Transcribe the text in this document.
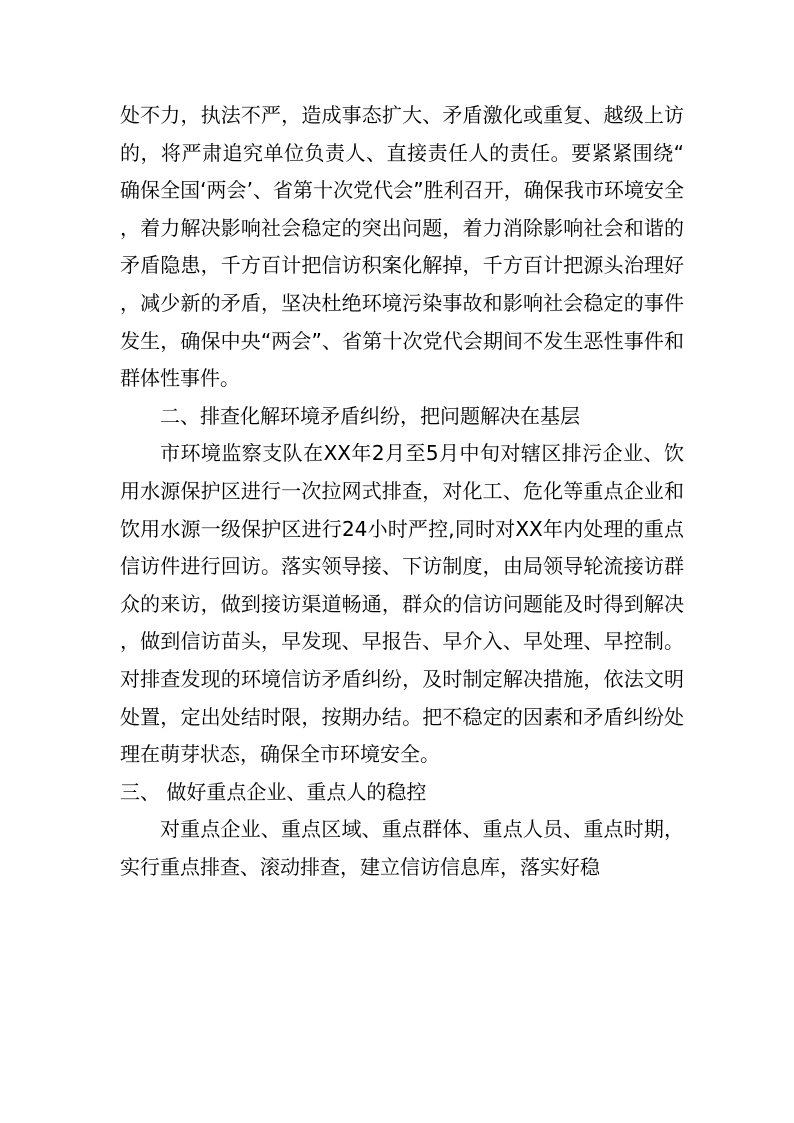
处不力，执法不严，造成事态扩大、矛盾激化或重复、越级上访的，将严肃追究单位负责人、直接责任人的责任。要紧紧围绕“确保全国‘两会’、省第十次党代会”胜利召开，确保我市环境安全，着力解决影响社会稳定的突出问题，着力消除影响社会和谐的矛盾隐患，千方百计把信访积案化解掉，千方百计把源头治理好，减少新的矛盾，坚决杜绝环境污染事故和影响社会稳定的事件发生，确保中央“两会”、省第十次党代会期间不发生恶性事件和群体性事件。

二、排查化解环境矛盾纠纷，把问题解决在基层

市环境监察支队在XX年2月至5月中旬对辖区排污企业、饮用水源保护区进行一次拉网式排查，对化工、危化等重点企业和饮用水源一级保护区进行24小时严控,同时对XX年内处理的重点信访件进行回访。落实领导接、下访制度，由局领导轮流接访群众的来访，做到接访渠道畅通，群众的信访问题能及时得到解决，做到信访苗头，早发现、早报告、早介入、早处理、早控制。对排查发现的环境信访矛盾纠纷，及时制定解决措施，依法文明处置，定出处结时限，按期办结。把不稳定的因素和矛盾纠纷处理在萌芽状态，确保全市环境安全。

三、 做好重点企业、重点人的稳控

对重点企业、重点区域、重点群体、重点人员、重点时期，实行重点排查、滚动排查，建立信访信息库，落实好稳
